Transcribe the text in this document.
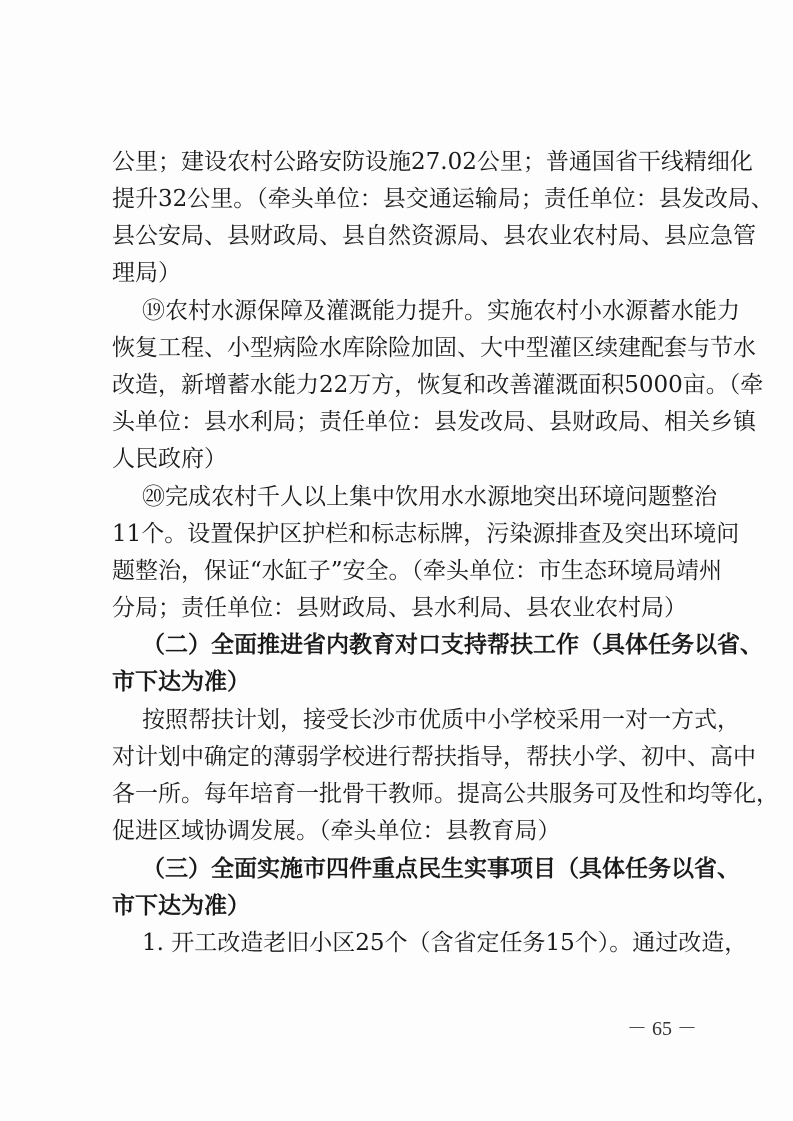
公里；建设农村公路安防设施27.02公里；普通国省干线精细化
提升32公里。（牵头单位：县交通运输局；责任单位：县发改局、
县公安局、县财政局、县自然资源局、县农业农村局、县应急管
理局）
⑲农村水源保障及灌溉能力提升。实施农村小水源蓄水能力
恢复工程、小型病险水库除险加固、大中型灌区续建配套与节水
改造，新增蓄水能力22万方，恢复和改善灌溉面积5000亩。（牵
头单位：县水利局；责任单位：县发改局、县财政局、相关乡镇
人民政府）
⑳完成农村千人以上集中饮用水水源地突出环境问题整治
11个。设置保护区护栏和标志标牌，污染源排查及突出环境问
题整治，保证“水缸子”安全。（牵头单位：市生态环境局靖州
分局；责任单位：县财政局、县水利局、县农业农村局）
（二）全面推进省内教育对口支持帮扶工作（具体任务以省、
市下达为准）
按照帮扶计划，接受长沙市优质中小学校采用一对一方式，
对计划中确定的薄弱学校进行帮扶指导，帮扶小学、初中、高中
各一所。每年培育一批骨干教师。提高公共服务可及性和均等化，
促进区域协调发展。（牵头单位：县教育局）
（三）全面实施市四件重点民生实事项目（具体任务以省、
市下达为准）
1. 开工改造老旧小区25个（含省定任务15个）。通过改造，
－ 65 －
